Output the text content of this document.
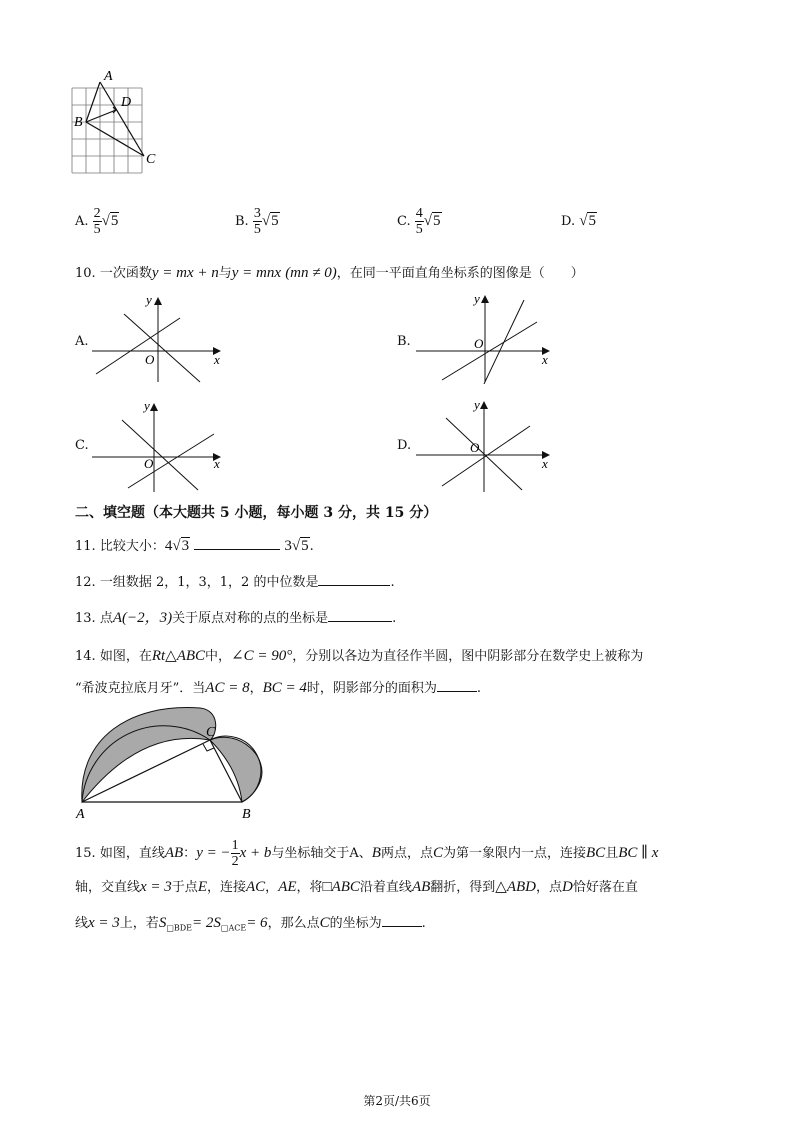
A
D
B
C
A. $\frac{2}{5} √5$	B. $\frac{3}{5} √5$	C. $\frac{4}{5} √5$	D. √5
10. 一次函数y = mx + n与y = mnx (mn ≠ 0)，在同一平面直角坐标系的图像是（　　）
A.	B.
C.	D.
x
y
O	x
y
O
x
y
O	x
y
O
二、填空题（本大题共 5 小题，每小题 3 分，共 15 分）
11. 比较大小：4√3	3√5.
12. 一组数据 2，1，3，1，2 的中位数是	.
13. 点A(−2，3)关于原点对称的点的坐标是	.
14. 如图，在Rt△ABC中，∠C = 90°，分别以各边为直径作半圆，图中阴影部分在数学史上被称为
“希波克拉底月牙”．当AC = 8，BC = 4时，阴影部分的面积为	.
A	B
C
15. 如图，直线AB：y = − $\frac{1}{2}$ x + b与坐标轴交于A、B两点，点C为第一象限内一点，连接BC且BC ∥ x
轴，交直线x = 3于点E，连接AC，AE，将□ABC沿着直线AB翻折，得到△ABD，点D恰好落在直
线x = 3上，若$S_{□BDE}= 2S_{□ACE}= 6$，那么点C的坐标为	.
第2页/共6页
